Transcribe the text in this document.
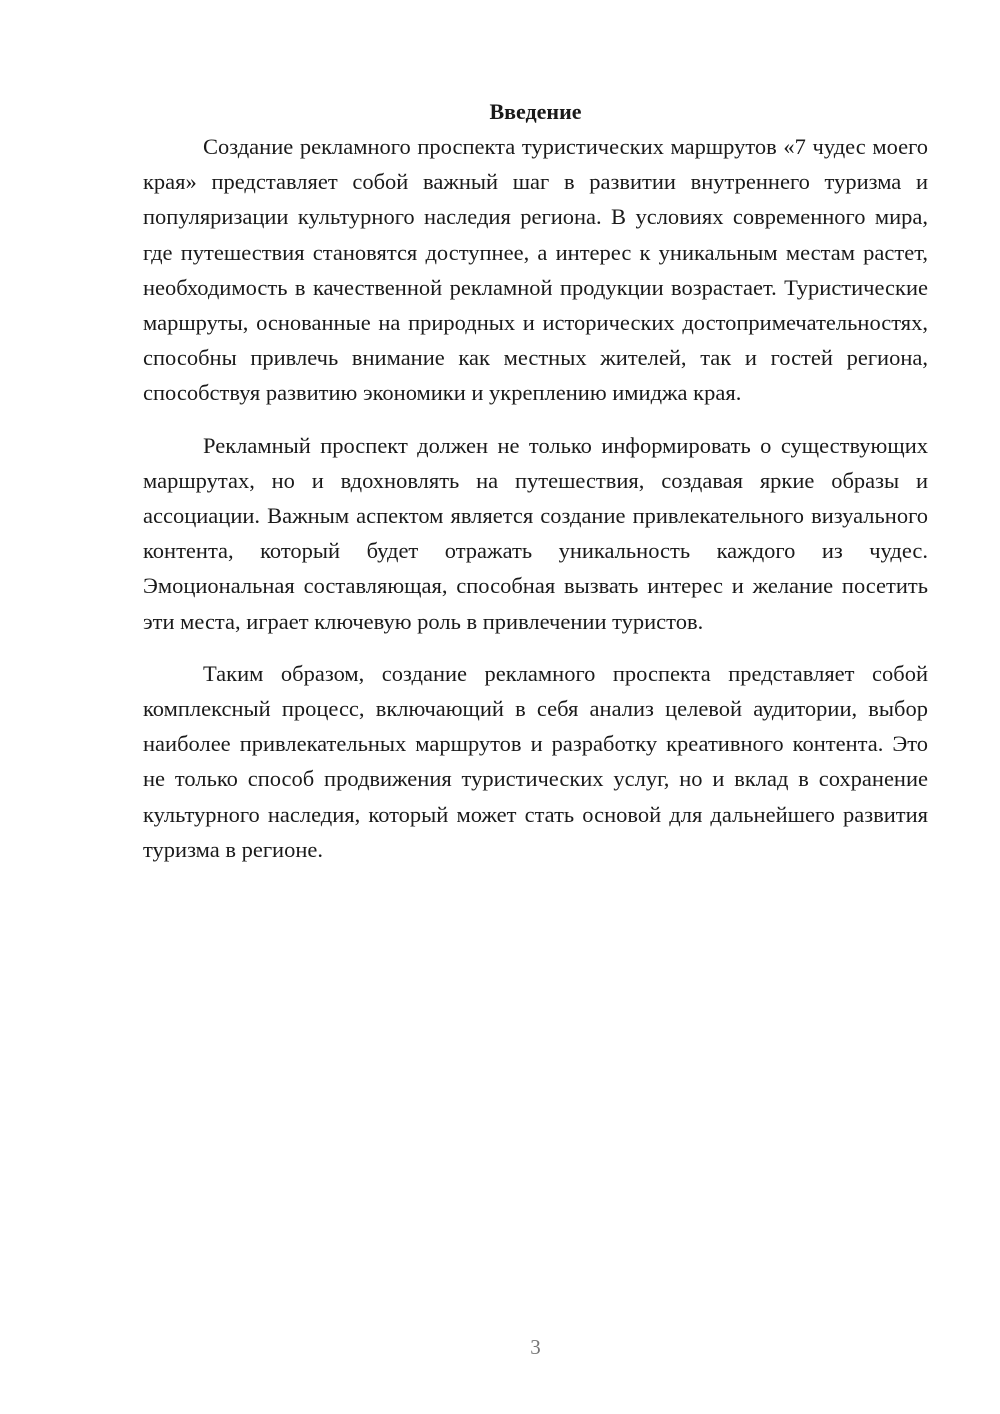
Введение

Создание рекламного проспекта туристических маршрутов «7 чудес моего края» представляет собой важный шаг в развитии внутреннего туризма и популяризации культурного наследия региона. В условиях современного мира, где путешествия становятся доступнее, а интерес к уникальным местам растет, необходимость в качественной рекламной продукции возрастает. Туристические маршруты, основанные на природных и исторических достопримечательностях, способны привлечь внимание как местных жителей, так и гостей региона, способствуя развитию экономики и укреплению имиджа края.

Рекламный проспект должен не только информировать о существующих маршрутах, но и вдохновлять на путешествия, создавая яркие образы и ассоциации. Важным аспектом является создание привлекательного визуального контента, который будет отражать уникальность каждого из чудес. Эмоциональная составляющая, способная вызвать интерес и желание посетить эти места, играет ключевую роль в привлечении туристов.

Таким образом, создание рекламного проспекта представляет собой комплексный процесс, включающий в себя анализ целевой аудитории, выбор наиболее привлекательных маршрутов и разработку креативного контента. Это не только способ продвижения туристических услуг, но и вклад в сохранение культурного наследия, который может стать основой для дальнейшего развития туризма в регионе.

3
